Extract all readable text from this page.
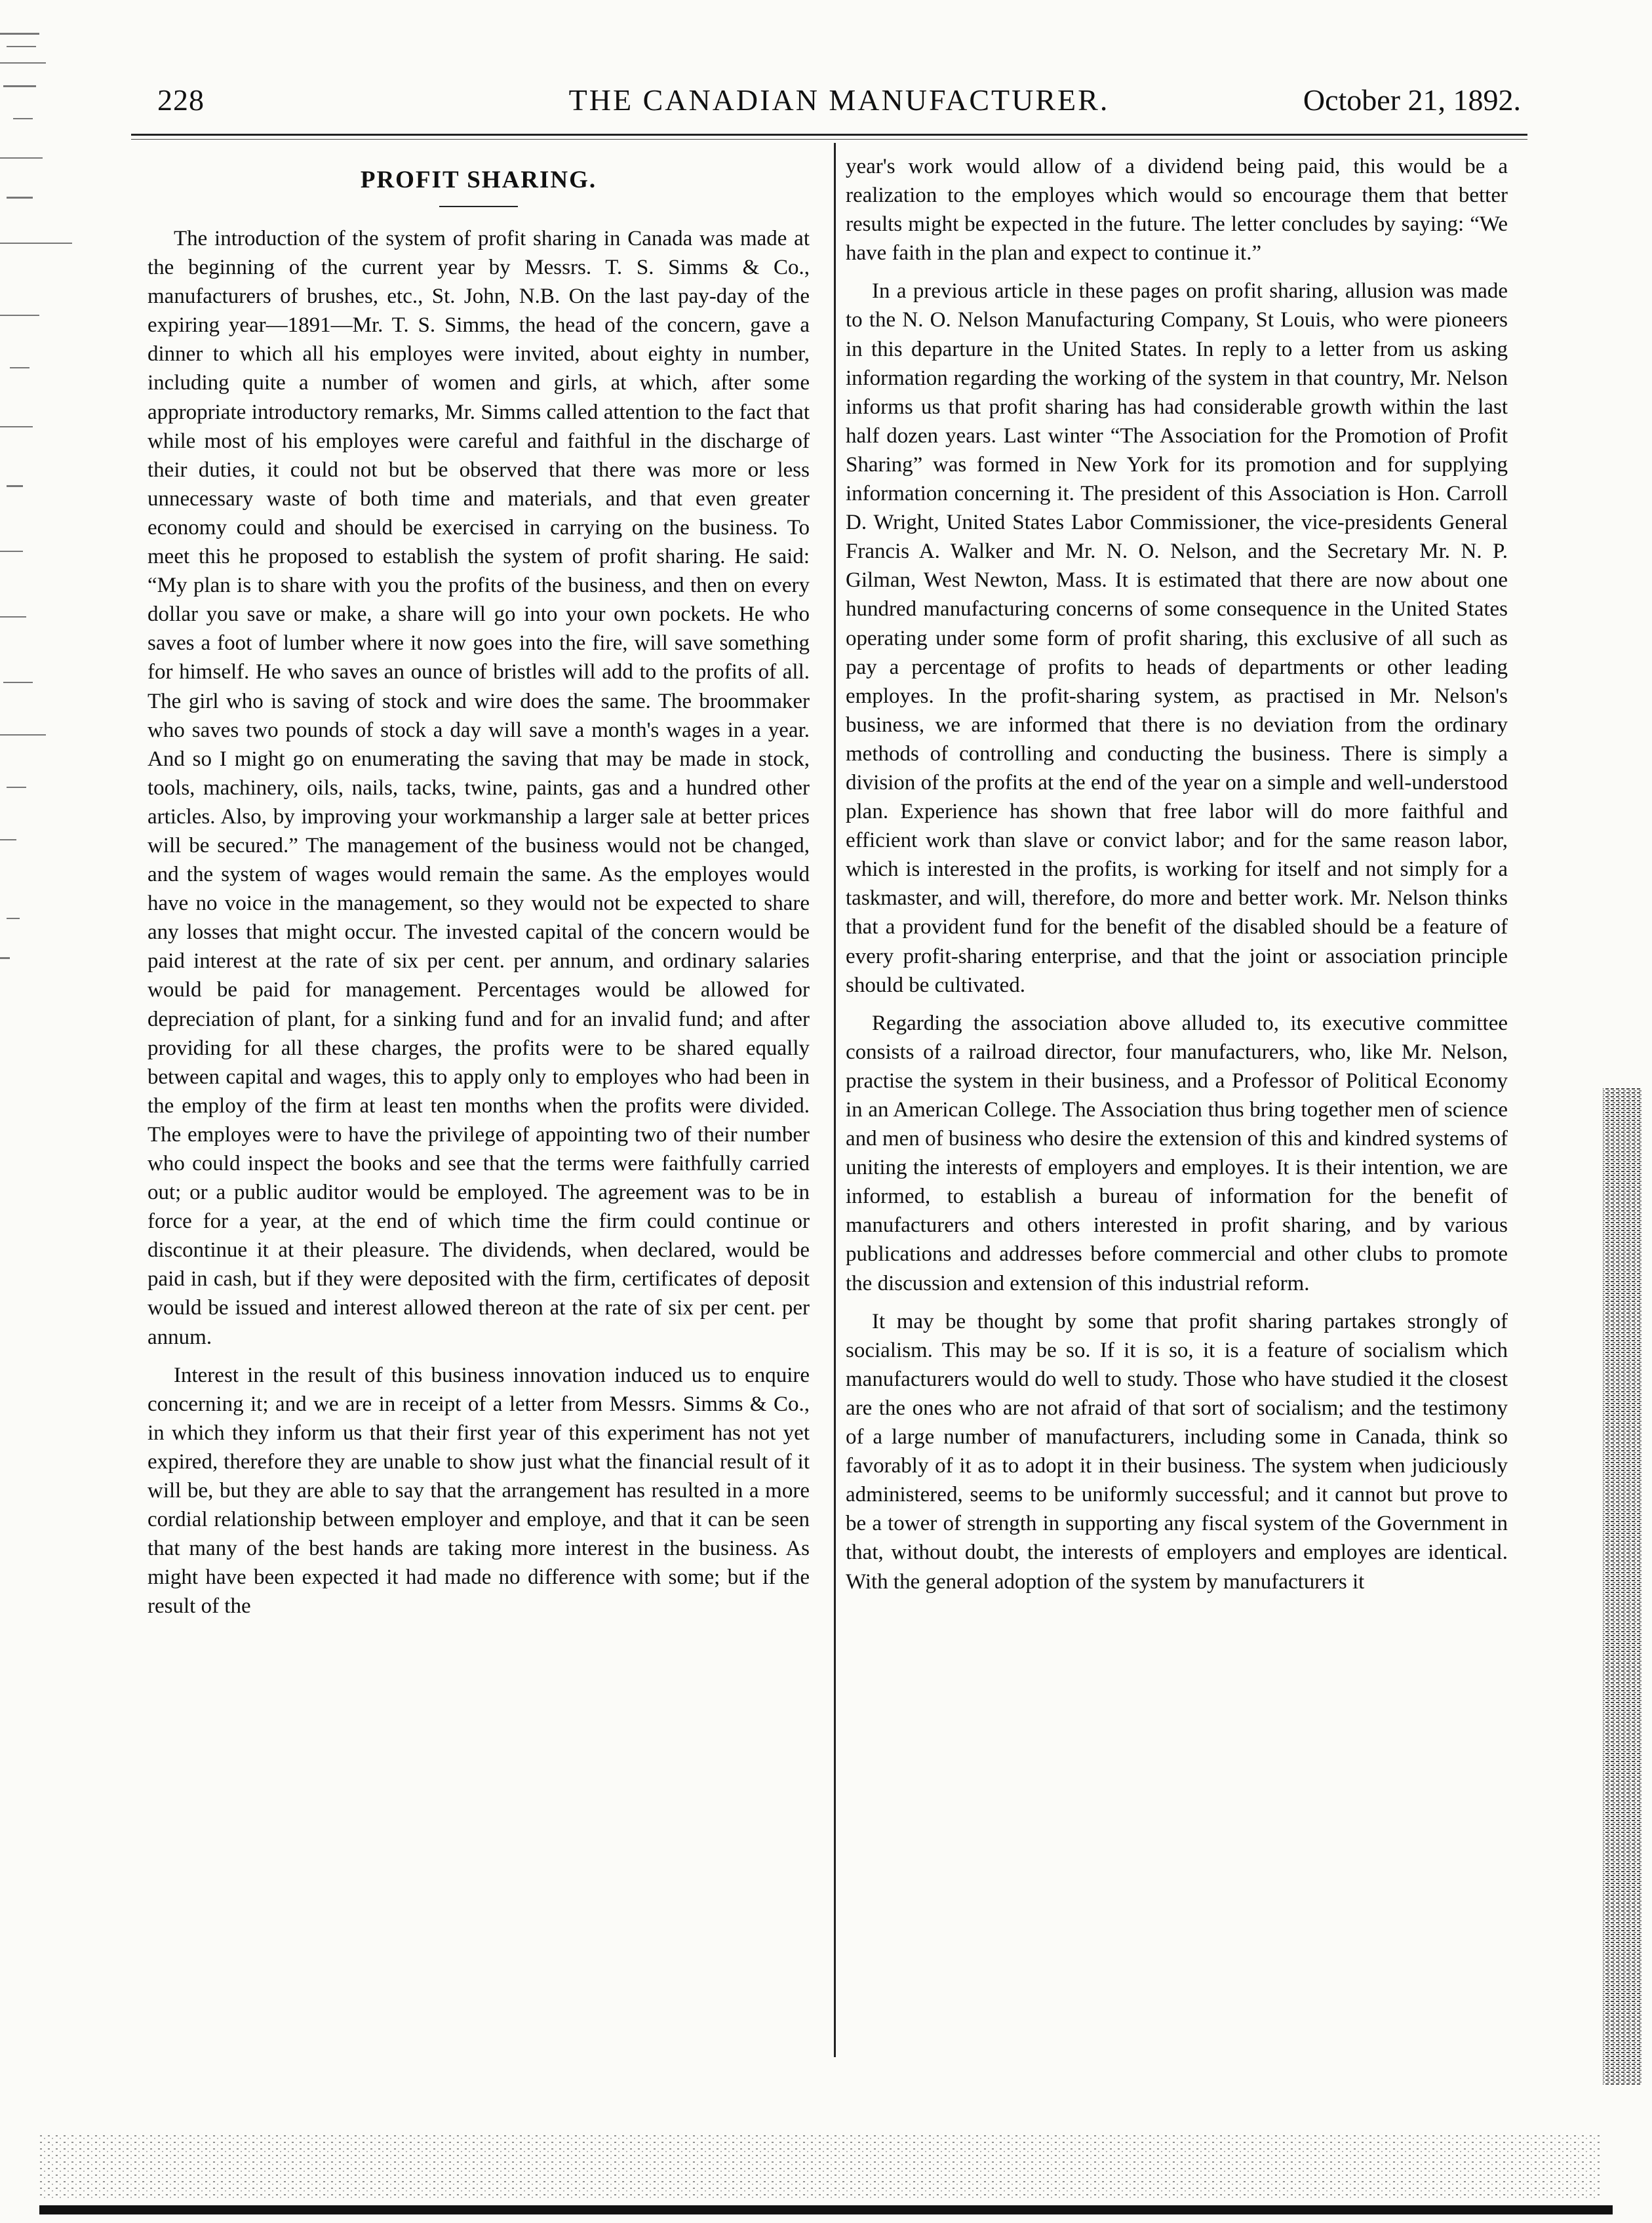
228	THE CANADIAN MANUFACTURER.	October 21, 1892.
PROFIT SHARING.

The introduction of the system of profit sharing in Canada was made at the beginning of the current year by Messrs. T. S. Simms & Co., manufacturers of brushes, etc., St. John, N.B. On the last pay-day of the expiring year—1891—Mr. T. S. Simms, the head of the concern, gave a dinner to which all his employes were invited, about eighty in number, including quite a number of women and girls, at which, after some appropriate introductory remarks, Mr. Simms called attention to the fact that while most of his employes were careful and faithful in the discharge of their duties, it could not but be observed that there was more or less unnecessary waste of both time and materials, and that even greater economy could and should be exercised in carrying on the business. To meet this he proposed to establish the system of profit sharing. He said: “My plan is to share with you the profits of the business, and then on every dollar you save or make, a share will go into your own pockets. He who saves a foot of lumber where it now goes into the fire, will save something for himself. He who saves an ounce of bristles will add to the profits of all. The girl who is saving of stock and wire does the same. The broommaker who saves two pounds of stock a day will save a month's wages in a year. And so I might go on enumerating the saving that may be made in stock, tools, machinery, oils, nails, tacks, twine, paints, gas and a hundred other articles. Also, by improving your workmanship a larger sale at better prices will be secured.” The management of the business would not be changed, and the system of wages would remain the same. As the employes would have no voice in the management, so they would not be expected to share any losses that might occur. The invested capital of the concern would be paid interest at the rate of six per cent. per annum, and ordinary salaries would be paid for management. Percentages would be allowed for depreciation of plant, for a sinking fund and for an invalid fund; and after providing for all these charges, the profits were to be shared equally between capital and wages, this to apply only to employes who had been in the employ of the firm at least ten months when the profits were divided. The employes were to have the privilege of appointing two of their number who could inspect the books and see that the terms were faithfully carried out; or a public auditor would be employed. The agreement was to be in force for a year, at the end of which time the firm could continue or discontinue it at their pleasure. The dividends, when declared, would be paid in cash, but if they were deposited with the firm, certificates of deposit would be issued and interest allowed thereon at the rate of six per cent. per annum.

Interest in the result of this business innovation induced us to enquire concerning it; and we are in receipt of a letter from Messrs. Simms & Co., in which they inform us that their first year of this experiment has not yet expired, therefore they are unable to show just what the financial result of it will be, but they are able to say that the arrangement has resulted in a more cordial relationship between employer and employe, and that it can be seen that many of the best hands are taking more interest in the business. As might have been expected it had made no difference with some; but if the result of the

year's work would allow of a dividend being paid, this would be a realization to the employes which would so encourage them that better results might be expected in the future. The letter concludes by saying: “We have faith in the plan and expect to continue it.”

In a previous article in these pages on profit sharing, allusion was made to the N. O. Nelson Manufacturing Company, St Louis, who were pioneers in this departure in the United States. In reply to a letter from us asking information regarding the working of the system in that country, Mr. Nelson informs us that profit sharing has had considerable growth within the last half dozen years. Last winter “The Association for the Promotion of Profit Sharing” was formed in New York for its promotion and for supplying information concerning it. The president of this Association is Hon. Carroll D. Wright, United States Labor Commissioner, the vice-presidents General Francis A. Walker and Mr. N. O. Nelson, and the Secretary Mr. N. P. Gilman, West Newton, Mass. It is estimated that there are now about one hundred manufacturing concerns of some consequence in the United States operating under some form of profit sharing, this exclusive of all such as pay a percentage of profits to heads of departments or other leading employes. In the profit-sharing system, as practised in Mr. Nelson's business, we are informed that there is no deviation from the ordinary methods of controlling and conducting the business. There is simply a division of the profits at the end of the year on a simple and well-understood plan. Experience has shown that free labor will do more faithful and efficient work than slave or convict labor; and for the same reason labor, which is interested in the profits, is working for itself and not simply for a taskmaster, and will, therefore, do more and better work. Mr. Nelson thinks that a provident fund for the benefit of the disabled should be a feature of every profit-sharing enterprise, and that the joint or association principle should be cultivated.

Regarding the association above alluded to, its executive committee consists of a railroad director, four manufacturers, who, like Mr. Nelson, practise the system in their business, and a Professor of Political Economy in an American College. The Association thus bring together men of science and men of business who desire the extension of this and kindred systems of uniting the interests of employers and employes. It is their intention, we are informed, to establish a bureau of information for the benefit of manufacturers and others interested in profit sharing, and by various publications and addresses before commercial and other clubs to promote the discussion and extension of this industrial reform.

It may be thought by some that profit sharing partakes strongly of socialism. This may be so. If it is so, it is a feature of socialism which manufacturers would do well to study. Those who have studied it the closest are the ones who are not afraid of that sort of socialism; and the testimony of a large number of manufacturers, including some in Canada, think so favorably of it as to adopt it in their business. The system when judiciously administered, seems to be uniformly successful; and it cannot but prove to be a tower of strength in supporting any fiscal system of the Government in that, without doubt, the interests of employers and employes are identical. With the general adoption of the system by manufacturers it
